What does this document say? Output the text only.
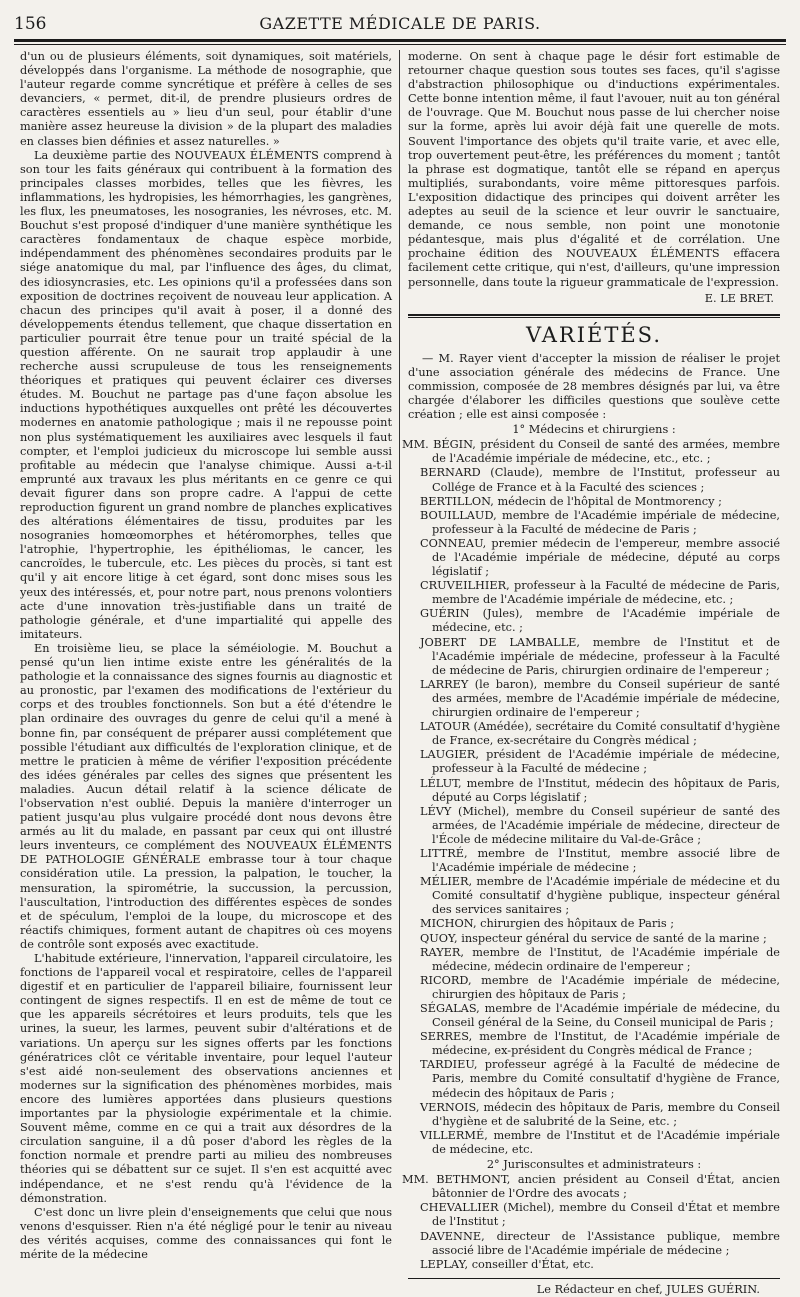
156	GAZETTE MÉDICALE DE PARIS.

d'un ou de plusieurs éléments, soit dynamiques, soit matériels, développés dans l'organisme. La méthode de nosographie, que l'auteur regarde comme syncrétique et préfère à celles de ses devanciers, « permet, dit-il, de prendre plusieurs ordres de caractères essentiels au » lieu d'un seul, pour établir d'une manière assez heureuse la division » de la plupart des maladies en classes bien définies et assez naturelles. »

La deuxième partie des NOUVEAUX ÉLÉMENTS comprend à son tour les faits généraux qui contribuent à la formation des principales classes morbides, telles que les fièvres, les inflammations, les hydropisies, les hémorrhagies, les gangrènes, les flux, les pneumatoses, les nosogranies, les névroses, etc. M. Bouchut s'est proposé d'indiquer d'une manière synthétique les caractères fondamentaux de chaque espèce morbide, indépendamment des phénomènes secondaires produits par le siége anatomique du mal, par l'influence des âges, du climat, des idiosyncrasies, etc. Les opinions qu'il a professées dans son exposition de doctrines reçoivent de nouveau leur application. A chacun des principes qu'il avait à poser, il a donné des développements étendus tellement, que chaque dissertation en particulier pourrait être tenue pour un traité spécial de la question afférente. On ne saurait trop applaudir à une recherche aussi scrupuleuse de tous les renseignements théoriques et pratiques qui peuvent éclairer ces diverses études. M. Bouchut ne partage pas d'une façon absolue les inductions hypothétiques auxquelles ont prêté les découvertes modernes en anatomie pathologique ; mais il ne repousse point non plus systématiquement les auxiliaires avec lesquels il faut compter, et l'emploi judicieux du microscope lui semble aussi profitable au médecin que l'analyse chimique. Aussi a-t-il emprunté aux travaux les plus méritants en ce genre ce qui devait figurer dans son propre cadre. A l'appui de cette reproduction figurent un grand nombre de planches explicatives des altérations élémentaires de tissu, produites par les nosogranies homœomorphes et hétéromorphes, telles que l'atrophie, l'hypertrophie, les épithéliomas, le cancer, les cancroïdes, le tubercule, etc. Les pièces du procès, si tant est qu'il y ait encore litige à cet égard, sont donc mises sous les yeux des intéressés, et, pour notre part, nous prenons volontiers acte d'une innovation très-justifiable dans un traité de pathologie générale, et d'une impartialité qui appelle des imitateurs.

En troisième lieu, se place la séméiologie. M. Bouchut a pensé qu'un lien intime existe entre les généralités de la pathologie et la connaissance des signes fournis au diagnostic et au pronostic, par l'examen des modifications de l'extérieur du corps et des troubles fonctionnels. Son but a été d'étendre le plan ordinaire des ouvrages du genre de celui qu'il a mené à bonne fin, par conséquent de préparer aussi complétement que possible l'étudiant aux difficultés de l'exploration clinique, et de mettre le praticien à même de vérifier l'exposition précédente des idées générales par celles des signes que présentent les maladies. Aucun détail relatif à la science délicate de l'observation n'est oublié. Depuis la manière d'interroger un patient jusqu'au plus vulgaire procédé dont nous devons être armés au lit du malade, en passant par ceux qui ont illustré leurs inventeurs, ce complément des NOUVEAUX ÉLÉMENTS DE PATHOLOGIE GÉNÉRALE embrasse tour à tour chaque considération utile. La pression, la palpation, le toucher, la mensuration, la spirométrie, la succussion, la percussion, l'auscultation, l'introduction des différentes espèces de sondes et de spéculum, l'emploi de la loupe, du microscope et des réactifs chimiques, forment autant de chapitres où ces moyens de contrôle sont exposés avec exactitude.

L'habitude extérieure, l'innervation, l'appareil circulatoire, les fonctions de l'appareil vocal et respiratoire, celles de l'appareil digestif et en particulier de l'appareil biliaire, fournissent leur contingent de signes respectifs. Il en est de même de tout ce que les appareils sécrétoires et leurs produits, tels que les urines, la sueur, les larmes, peuvent subir d'altérations et de variations. Un aperçu sur les signes offerts par les fonctions génératrices clôt ce véritable inventaire, pour lequel l'auteur s'est aidé non-seulement des observations anciennes et modernes sur la signification des phénomènes morbides, mais encore des lumières apportées dans plusieurs questions importantes par la physiologie expérimentale et la chimie. Souvent même, comme en ce qui a trait aux désordres de la circulation sanguine, il a dû poser d'abord les règles de la fonction normale et prendre parti au milieu des nombreuses théories qui se débattent sur ce sujet. Il s'en est acquitté avec indépendance, et ne s'est rendu qu'à l'évidence de la démonstration.

C'est donc un livre plein d'enseignements que celui que nous venons d'esquisser. Rien n'a été négligé pour le tenir au niveau des vérités acquises, comme des connaissances qui font le mérite de la médecine

moderne. On sent à chaque page le désir fort estimable de retourner chaque question sous toutes ses faces, qu'il s'agisse d'abstraction philosophique ou d'inductions expérimentales. Cette bonne intention même, il faut l'avouer, nuit au ton général de l'ouvrage. Que M. Bouchut nous passe de lui chercher noise sur la forme, après lui avoir déjà fait une querelle de mots. Souvent l'importance des objets qu'il traite varie, et avec elle, trop ouvertement peut-être, les préférences du moment ; tantôt la phrase est dogmatique, tantôt elle se répand en aperçus multipliés, surabondants, voire même pittoresques parfois. L'exposition didactique des principes qui doivent arrêter les adeptes au seuil de la science et leur ouvrir le sanctuaire, demande, ce nous semble, non point une monotonie pédantesque, mais plus d'égalité et de corrélation. Une prochaine édition des NOUVEAUX ÉLÉMENTS effacera facilement cette critique, qui n'est, d'ailleurs, qu'une impression personnelle, dans toute la rigueur grammaticale de l'expression.

E. LE BRET.

VARIÉTÉS.

— M. Rayer vient d'accepter la mission de réaliser le projet d'une association générale des médecins de France. Une commission, composée de 28 membres désignés par lui, va être chargée d'élaborer les difficiles questions que soulève cette création ; elle est ainsi composée :

1° Médecins et chirurgiens :

MM. BÉGIN, président du Conseil de santé des armées, membre de l'Académie impériale de médecine, etc., etc. ;

BERNARD (Claude), membre de l'Institut, professeur au Collége de France et à la Faculté des sciences ;

BERTILLON, médecin de l'hôpital de Montmorency ;

BOUILLAUD, membre de l'Académie impériale de médecine, professeur à la Faculté de médecine de Paris ;

CONNEAU, premier médecin de l'empereur, membre associé de l'Académie impériale de médecine, député au corps législatif ;

CRUVEILHIER, professeur à la Faculté de médecine de Paris, membre de l'Académie impériale de médecine, etc. ;

GUÉRIN (Jules), membre de l'Académie impériale de médecine, etc. ;

JOBERT DE LAMBALLE, membre de l'Institut et de l'Académie impériale de médecine, professeur à la Faculté de médecine de Paris, chirurgien ordinaire de l'empereur ;

LARREY (le baron), membre du Conseil supérieur de santé des armées, membre de l'Académie impériale de médecine, chirurgien ordinaire de l'empereur ;

LATOUR (Amédée), secrétaire du Comité consultatif d'hygiène de France, ex-secrétaire du Congrès médical ;

LAUGIER, président de l'Académie impériale de médecine, professeur à la Faculté de médecine ;

LÉLUT, membre de l'Institut, médecin des hôpitaux de Paris, député au Corps législatif ;

LÉVY (Michel), membre du Conseil supérieur de santé des armées, de l'Académie impériale de médecine, directeur de l'École de médecine militaire du Val-de-Grâce ;

LITTRÉ, membre de l'Institut, membre associé libre de l'Académie impériale de médecine ;

MÉLIER, membre de l'Académie impériale de médecine et du Comité consultatif d'hygiène publique, inspecteur général des services sanitaires ;

MICHON, chirurgien des hôpitaux de Paris ;

QUOY, inspecteur général du service de santé de la marine ;

RAYER, membre de l'Institut, de l'Académie impériale de médecine, médecin ordinaire de l'empereur ;

RICORD, membre de l'Académie impériale de médecine, chirurgien des hôpitaux de Paris ;

SÉGALAS, membre de l'Académie impériale de médecine, du Conseil général de la Seine, du Conseil municipal de Paris ;

SERRES, membre de l'Institut, de l'Académie impériale de médecine, ex-président du Congrès médical de France ;

TARDIEU, professeur agrégé à la Faculté de médecine de Paris, membre du Comité consultatif d'hygiène de France, médecin des hôpitaux de Paris ;

VERNOIS, médecin des hôpitaux de Paris, membre du Conseil d'hygiène et de salubrité de la Seine, etc. ;

VILLERMÉ, membre de l'Institut et de l'Académie impériale de médecine, etc.

2° Jurisconsultes et administrateurs :

MM. BETHMONT, ancien président au Conseil d'État, ancien bâtonnier de l'Ordre des avocats ;

CHEVALLIER (Michel), membre du Conseil d'État et membre de l'Institut ;

DAVENNE, directeur de l'Assistance publique, membre associé libre de l'Académie impériale de médecine ;

LEPLAY, conseiller d'État, etc.

Le Rédacteur en chef, JULES GUÉRIN.
